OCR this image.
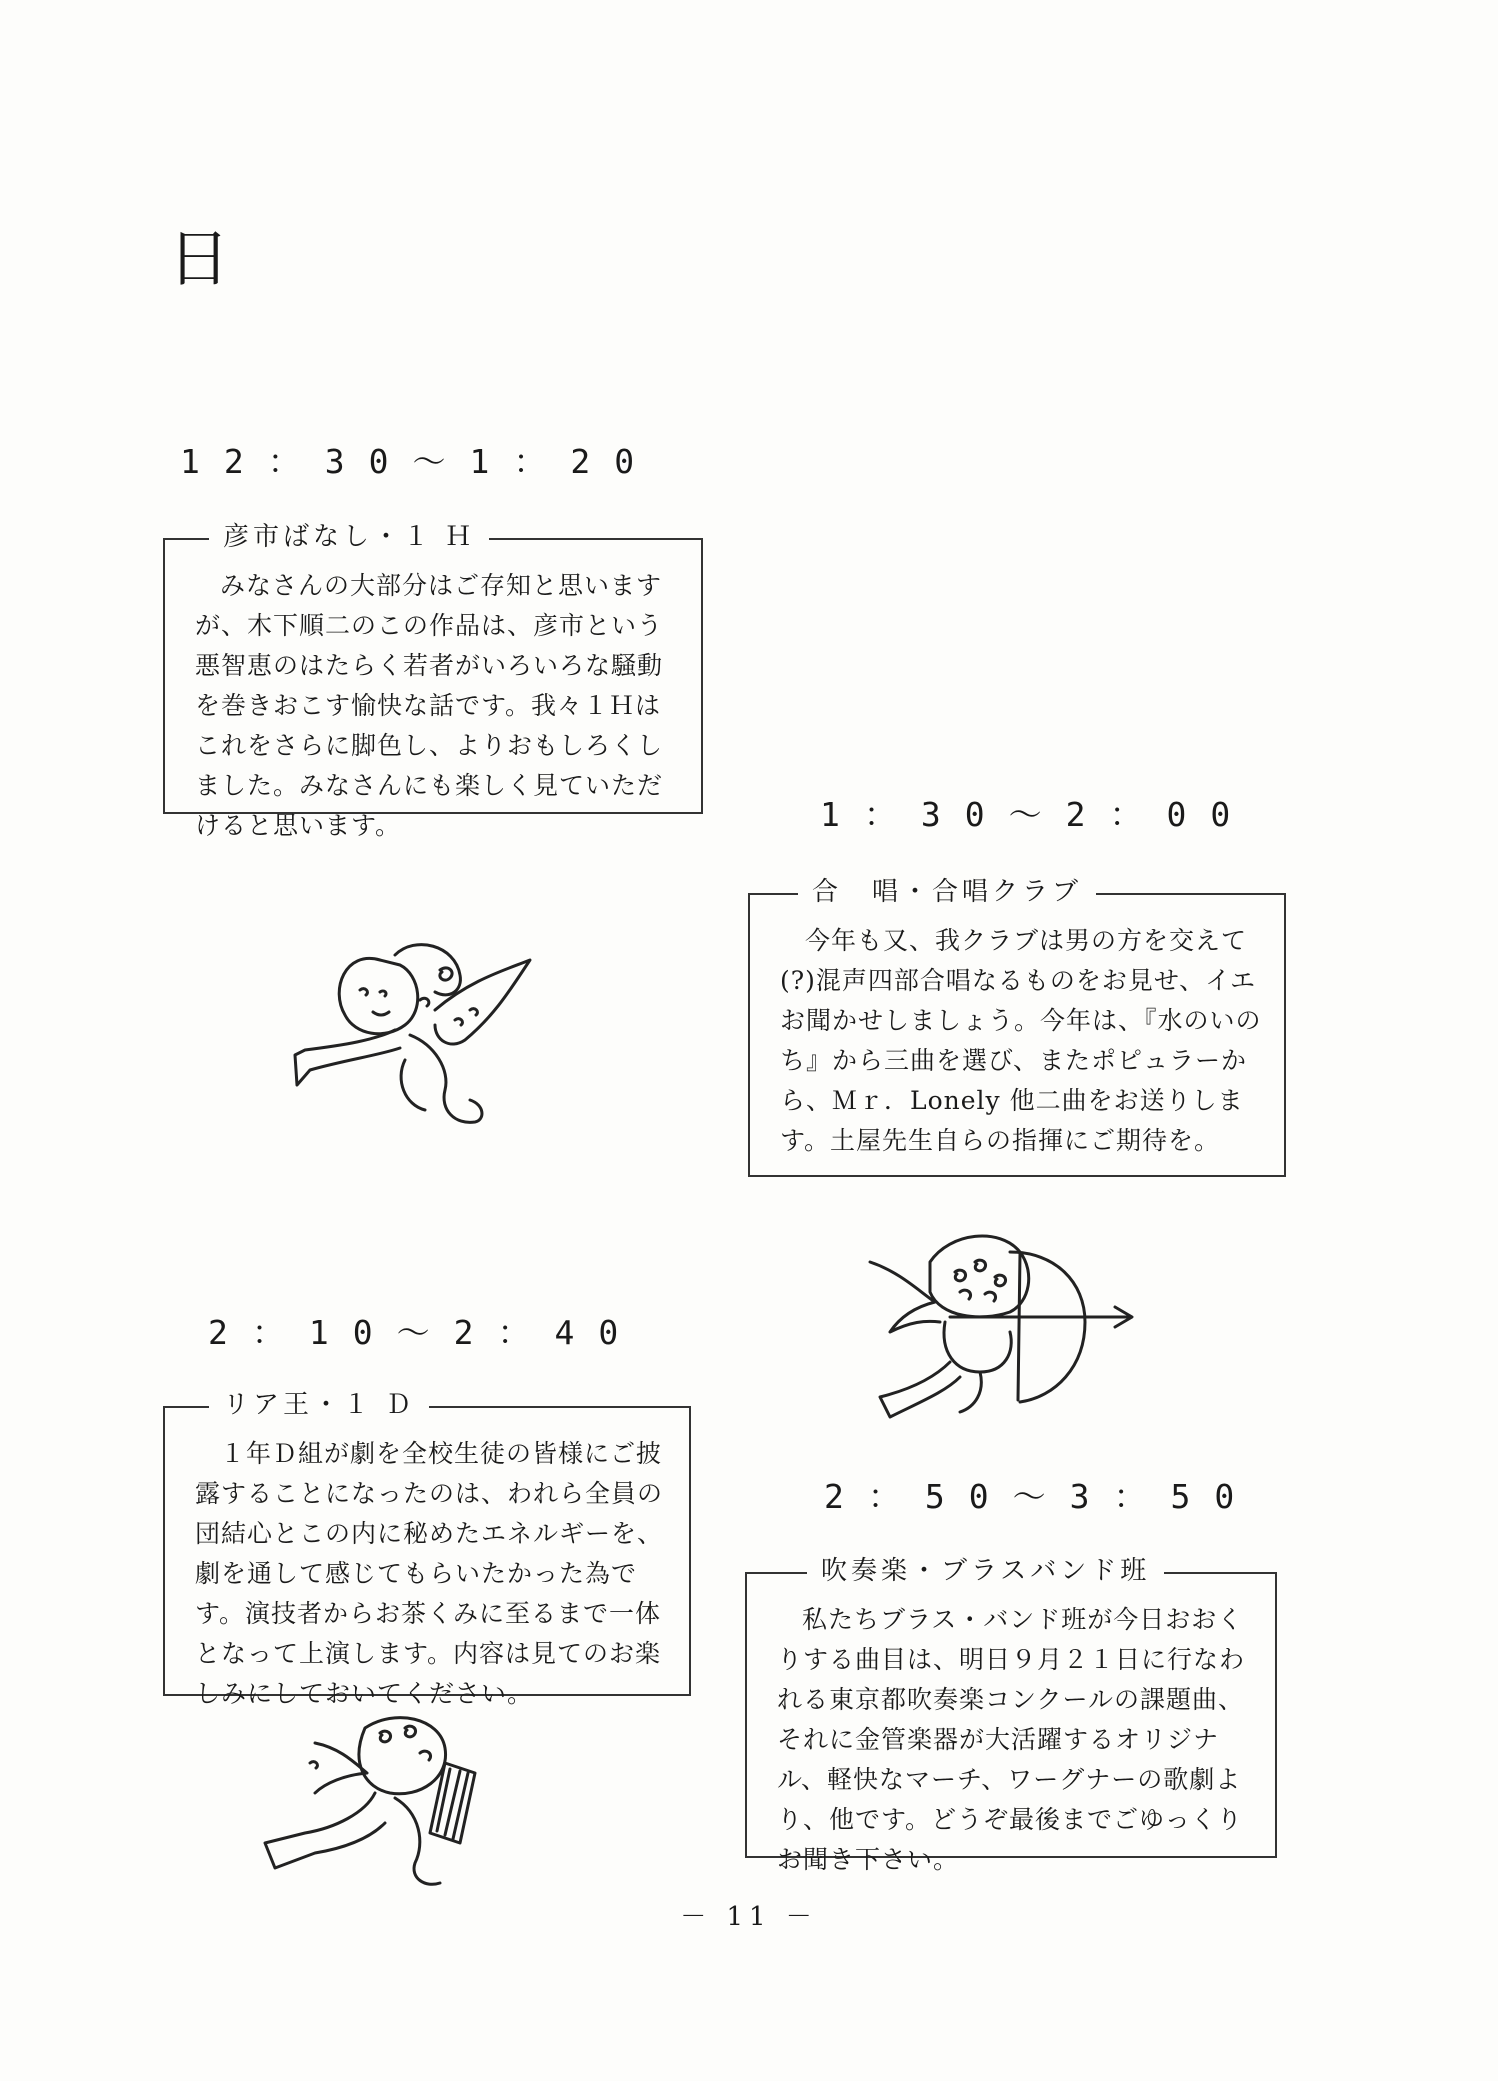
日
12：30～1：20
彦市ばなし・１ Ｈ

みなさんの大部分はご存知と思いますが、木下順二のこの作品は、彦市という悪智恵のはたらく若者がいろいろな騒動を巻きおこす愉快な話です。我々１Ｈはこれをさらに脚色し、よりおもしろくしました。みなさんにも楽しく見ていただけると思います。	1：30～2：00
合　唱・合唱クラブ

今年も又、我クラブは男の方を交えて(?)混声四部合唱なるものをお見せ、イエお聞かせしましょう。今年は、『水のいのち』から三曲を選び、またポピュラーから、Ｍｒ．Lonely 他二曲をお送りします。土屋先生自らの指揮にご期待を。

2：10～2：40
リア王・１ Ｄ

１年Ｄ組が劇を全校生徒の皆様にご披露することになったのは、われら全員の団結心とこの内に秘めたエネルギーを、劇を通して感じてもらいたかった為です。演技者からお茶くみに至るまで一体となって上演します。内容は見てのお楽しみにしておいてください。

2：50～3：50
吹奏楽・ブラスバンド班

私たちブラス・バンド班が今日おおくりする曲目は、明日９月２１日に行なわれる東京都吹奏楽コンクールの課題曲、それに金管楽器が大活躍するオリジナル、軽快なマーチ、ワーグナーの歌劇より、他です。どうぞ最後までごゆっくりお聞き下さい。

－ 11 －
